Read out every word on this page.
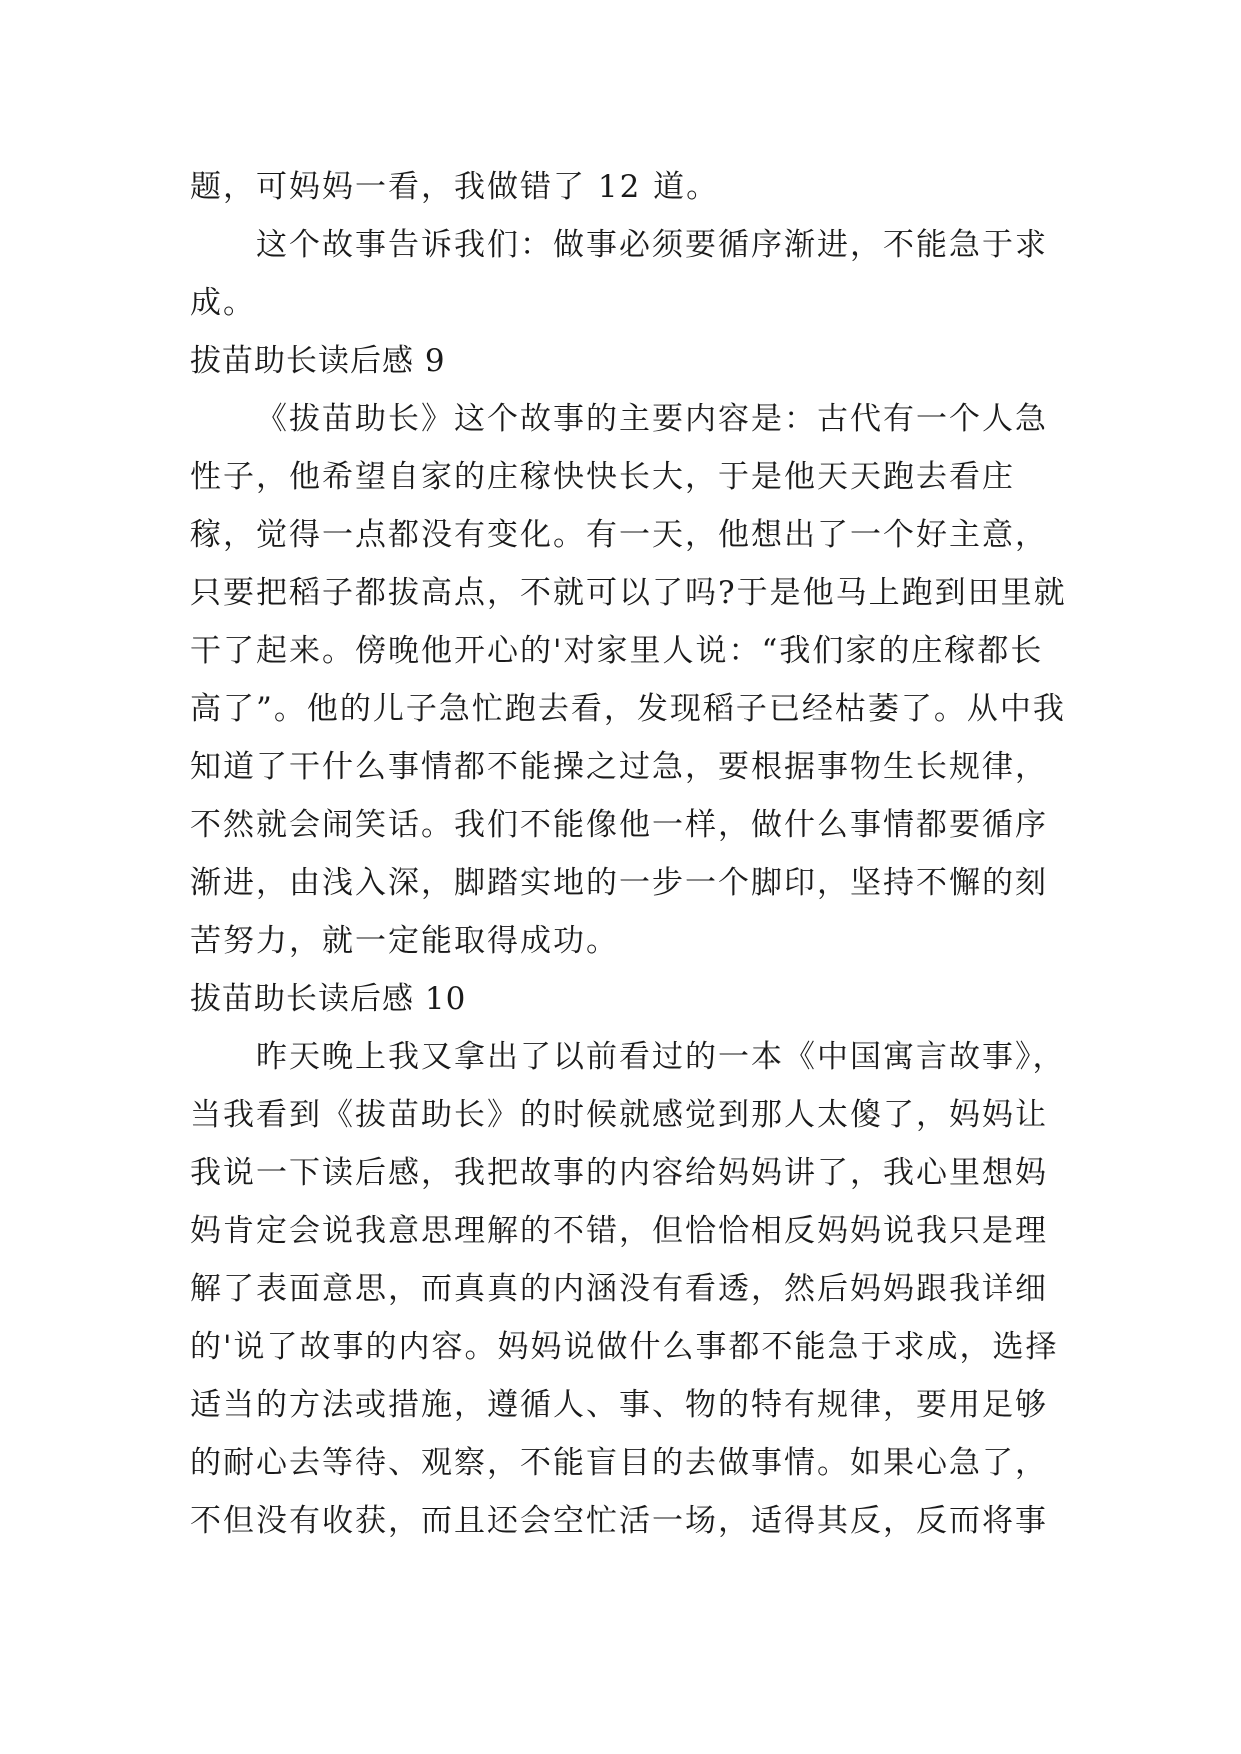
题，可妈妈一看，我做错了 12 道。

这个故事告诉我们：做事必须要循序渐进，不能急于求成。

拔苗助长读后感 9

《拔苗助长》这个故事的主要内容是：古代有一个人急性子，他希望自家的庄稼快快长大，于是他天天跑去看庄稼，觉得一点都没有变化。有一天，他想出了一个好主意，只要把稻子都拔高点，不就可以了吗?于是他马上跑到田里就干了起来。傍晚他开心的'对家里人说：“我们家的庄稼都长高了”。他的儿子急忙跑去看，发现稻子已经枯萎了。从中我知道了干什么事情都不能操之过急，要根据事物生长规律，不然就会闹笑话。我们不能像他一样，做什么事情都要循序渐进，由浅入深，脚踏实地的一步一个脚印，坚持不懈的刻苦努力，就一定能取得成功。

拔苗助长读后感 10

昨天晚上我又拿出了以前看过的一本《中国寓言故事》，当我看到《拔苗助长》的时候就感觉到那人太傻了，妈妈让我说一下读后感，我把故事的内容给妈妈讲了，我心里想妈妈肯定会说我意思理解的不错，但恰恰相反妈妈说我只是理解了表面意思，而真真的内涵没有看透，然后妈妈跟我详细的'说了故事的内容。妈妈说做什么事都不能急于求成，选择适当的方法或措施，遵循人、事、物的特有规律，要用足够的耐心去等待、观察，不能盲目的去做事情。如果心急了，不但没有收获，而且还会空忙活一场，适得其反，反而将事
